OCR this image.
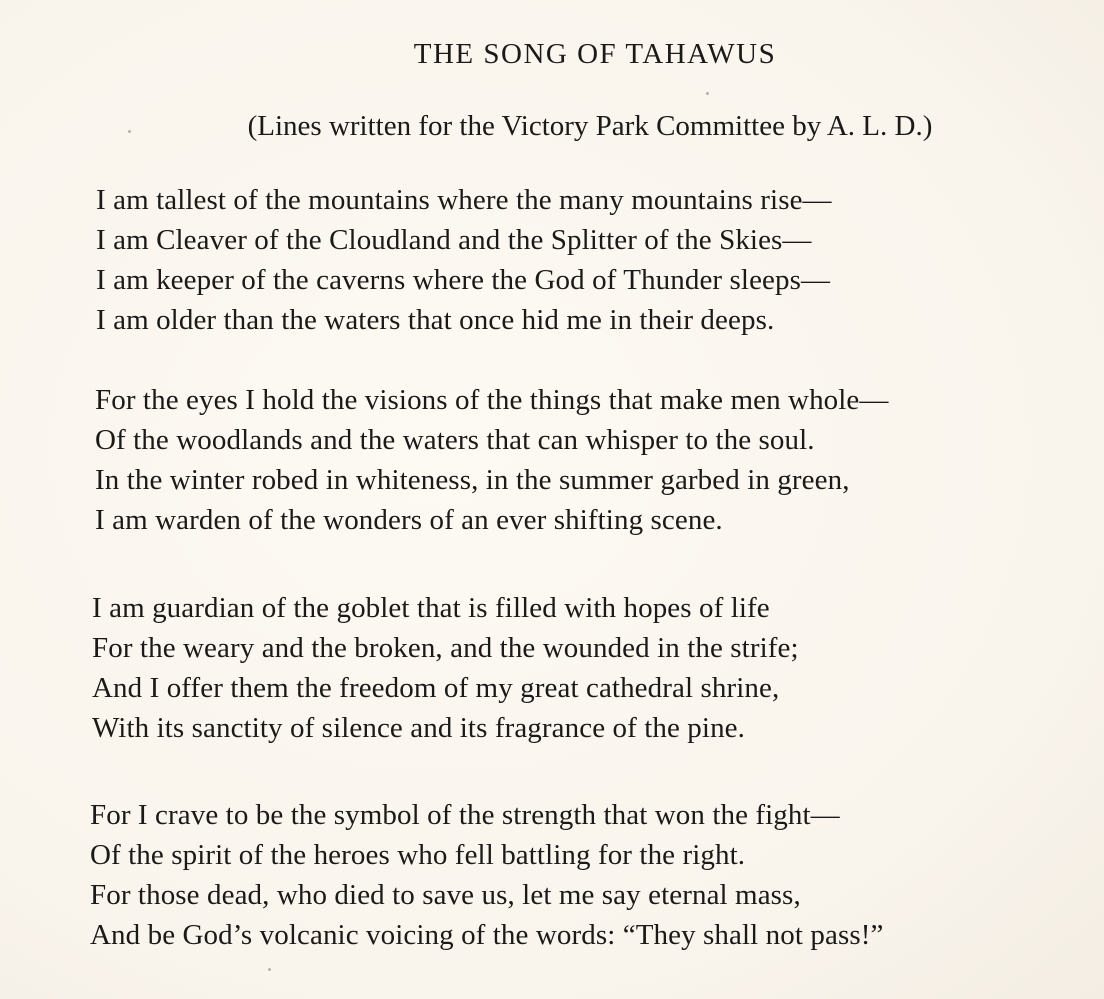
THE SONG OF TAHAWUS
(Lines written for the Victory Park Committee by A. L. D.)
I am tallest of the mountains where the many mountains rise—
I am Cleaver of the Cloudland and the Splitter of the Skies—
I am keeper of the caverns where the God of Thunder sleeps—
I am older than the waters that once hid me in their deeps.
For the eyes I hold the visions of the things that make men whole—
Of the woodlands and the waters that can whisper to the soul.
In the winter robed in whiteness, in the summer garbed in green,
I am warden of the wonders of an ever shifting scene.
I am guardian of the goblet that is filled with hopes of life
For the weary and the broken, and the wounded in the strife;
And I offer them the freedom of my great cathedral shrine,
With its sanctity of silence and its fragrance of the pine.
For I crave to be the symbol of the strength that won the fight—
Of the spirit of the heroes who fell battling for the right.
For those dead, who died to save us, let me say eternal mass,
And be God’s volcanic voicing of the words: “They shall not pass!”
